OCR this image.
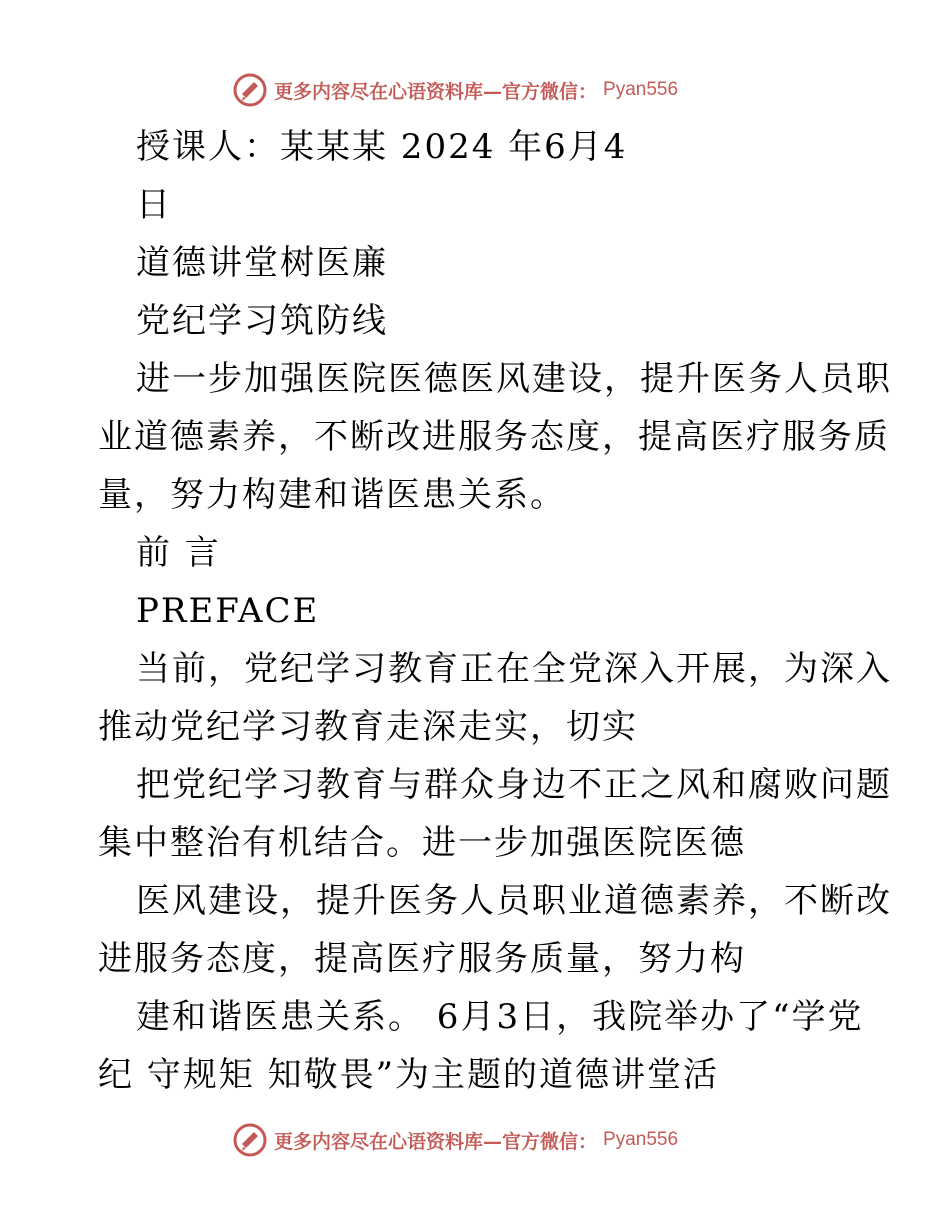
更多内容尽在心语资料库—官方微信： Pyan556
授课人：某某某 2024 年6月4
日
道德讲堂树医廉
党纪学习筑防线
进一步加强医院医德医风建设，提升医务人员职
业道德素养，不断改进服务态度，提高医疗服务质
量，努力构建和谐医患关系。
前 言
PREFACE
当前，党纪学习教育正在全党深入开展，为深入
推动党纪学习教育走深走实，切实
把党纪学习教育与群众身边不正之风和腐败问题
集中整治有机结合。进一步加强医院医德
医风建设，提升医务人员职业道德素养，不断改
进服务态度，提高医疗服务质量，努力构
建和谐医患关系。 6月3日，我院举办了“学党
纪 守规矩 知敬畏”为主题的道德讲堂活
更多内容尽在心语资料库—官方微信： Pyan556
